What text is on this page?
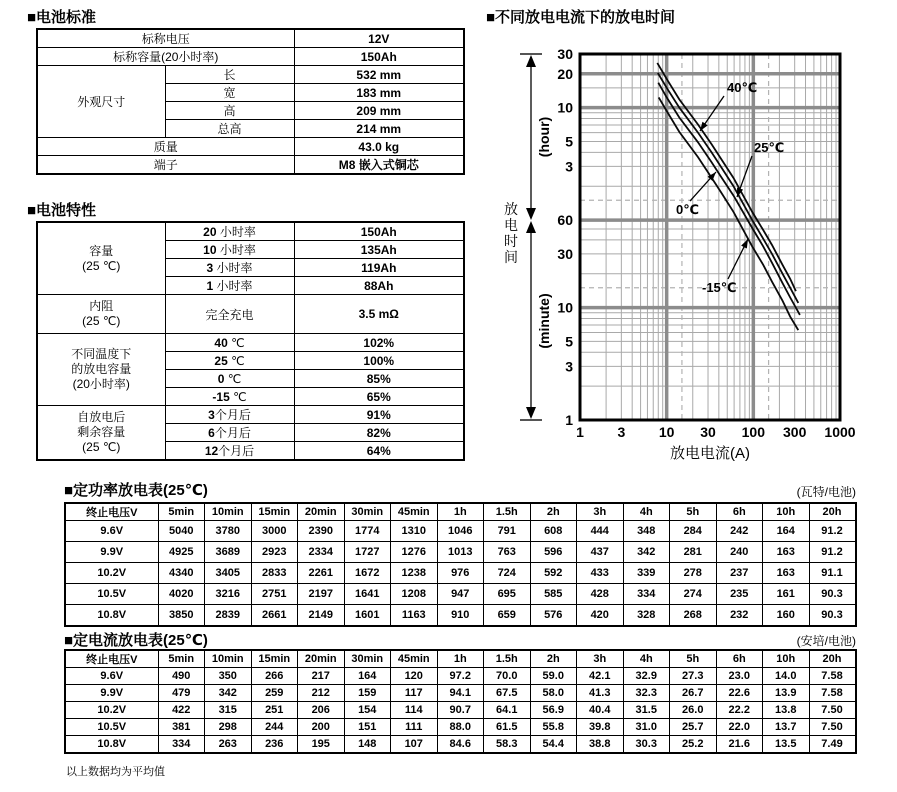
■电池标准
■电池特性
■不同放电电流下的放电时间
■定功率放电表(25℃)
■定电流放电表(25℃)
(瓦特/电池)
(安培/电池)
标称电压		12V
标称容量(20小时率)		150Ah
外观尺寸	长	532 mm
	宽	183 mm
	高	209 mm
	总高	214 mm
质量		43.0 kg
端子		M8 嵌入式铜芯
容量
(25 ℃)	20 小时率	150Ah
	10 小时率	135Ah
	3 小时率	119Ah
	1 小时率	88Ah

内阻
(25 ℃)	完全充电	3.5 mΩ

不同温度下
的放电容量
(20小时率)	40 ℃	102%
	25 ℃	100%
	0 ℃	85%
	-15 ℃	65%

自放电后
剩余容量
(25 ℃)	3个月后	91%
	6个月后	82%
	12个月后	64%
终止电压V	5min	10min	15min	20min	30min	45min	1h	1.5h	2h	3h	4h	5h	6h	10h	20h
9.6V	5040	3780	3000	2390	1774	1310	1046	791	608	444	348	284	242	164	91.2
9.9V	4925	3689	2923	2334	1727	1276	1013	763	596	437	342	281	240	163	91.2
10.2V	4340	3405	2833	2261	1672	1238	976	724	592	433	339	278	237	163	91.1
10.5V	4020	3216	2751	2197	1641	1208	947	695	585	428	334	274	235	161	90.3
10.8V	3850	2839	2661	2149	1601	1163	910	659	576	420	328	268	232	160	90.3
终止电压V	5min	10min	15min	20min	30min	45min	1h	1.5h	2h	3h	4h	5h	6h	10h	20h
9.6V	490	350	266	217	164	120	97.2	70.0	59.0	42.1	32.9	27.3	23.0	14.0	7.58
9.9V	479	342	259	212	159	117	94.1	67.5	58.0	41.3	32.3	26.7	22.6	13.9	7.58
10.2V	422	315	251	206	154	114	90.7	64.1	56.9	40.4	31.5	26.0	22.2	13.8	7.50
10.5V	381	298	244	200	151	111	88.0	61.5	55.8	39.8	31.0	25.7	22.0	13.7	7.50
10.8V	334	263	236	195	148	107	84.6	58.3	54.4	38.8	30.3	25.2	21.6	13.5	7.49
以上数据均为平均值
40℃
25℃
0℃
-15℃
1 3 10 30 100 300 1000
30
20
10
5
3
60
30
10
5
3
1
(hour)
(minute)
放电时间
放电电流(A)
